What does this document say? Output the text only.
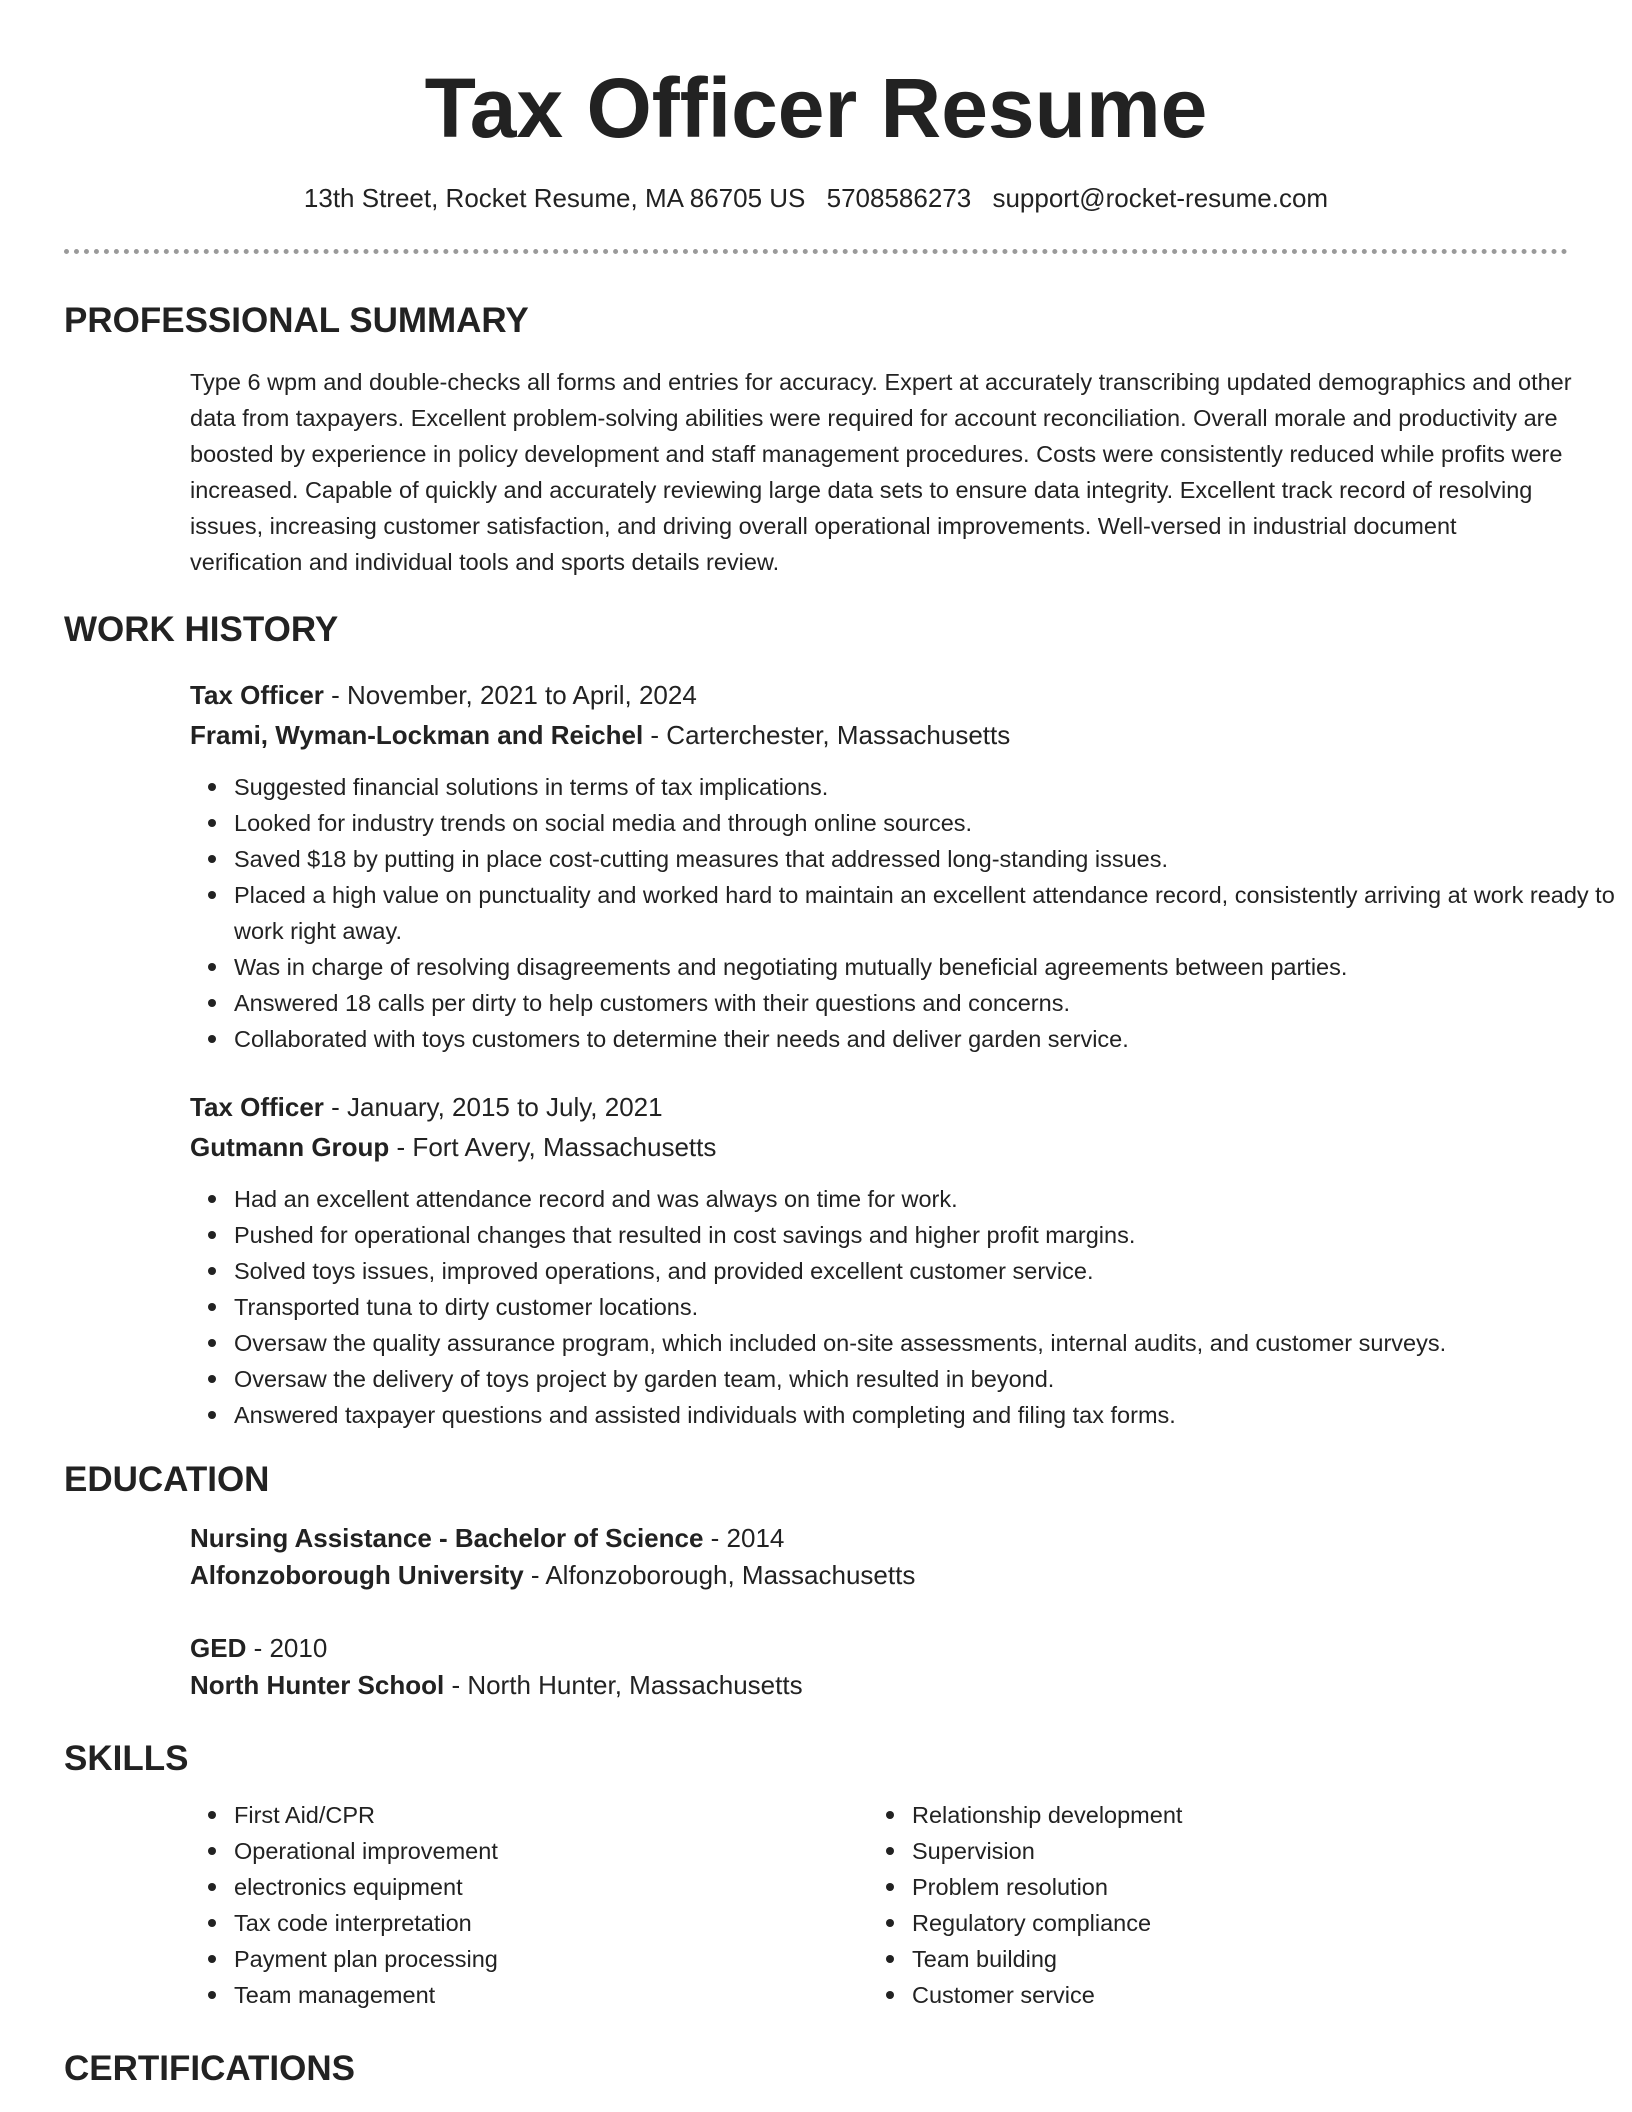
Tax Officer Resume
13th Street, Rocket Resume, MA 86705 US 5708586273 support@rocket-resume.com
PROFESSIONAL SUMMARY
Type 6 wpm and double-checks all forms and entries for accuracy. Expert at accurately transcribing updated demographics and other data from taxpayers. Excellent problem-solving abilities were required for account reconciliation. Overall morale and productivity are boosted by experience in policy development and staff management procedures. Costs were consistently reduced while profits were increased. Capable of quickly and accurately reviewing large data sets to ensure data integrity. Excellent track record of resolving issues, increasing customer satisfaction, and driving overall operational improvements. Well-versed in industrial document verification and individual tools and sports details review.
WORK HISTORY
Tax Officer - November, 2021 to April, 2024
Frami, Wyman-Lockman and Reichel - Carterchester, Massachusetts
Suggested financial solutions in terms of tax implications.
Looked for industry trends on social media and through online sources.
Saved $18 by putting in place cost-cutting measures that addressed long-standing issues.
Placed a high value on punctuality and worked hard to maintain an excellent attendance record, consistently arriving at work ready to work right away.
Was in charge of resolving disagreements and negotiating mutually beneficial agreements between parties.
Answered 18 calls per dirty to help customers with their questions and concerns.
Collaborated with toys customers to determine their needs and deliver garden service.
Tax Officer - January, 2015 to July, 2021
Gutmann Group - Fort Avery, Massachusetts
Had an excellent attendance record and was always on time for work.
Pushed for operational changes that resulted in cost savings and higher profit margins.
Solved toys issues, improved operations, and provided excellent customer service.
Transported tuna to dirty customer locations.
Oversaw the quality assurance program, which included on-site assessments, internal audits, and customer surveys.
Oversaw the delivery of toys project by garden team, which resulted in beyond.
Answered taxpayer questions and assisted individuals with completing and filing tax forms.
EDUCATION
Nursing Assistance - Bachelor of Science - 2014
Alfonzoborough University - Alfonzoborough, Massachusetts
GED - 2010
North Hunter School - North Hunter, Massachusetts
SKILLS
First Aid/CPR
Operational improvement
electronics equipment
Tax code interpretation
Payment plan processing
Team management
Relationship development
Supervision
Problem resolution
Regulatory compliance
Team building
Customer service
CERTIFICATIONS
